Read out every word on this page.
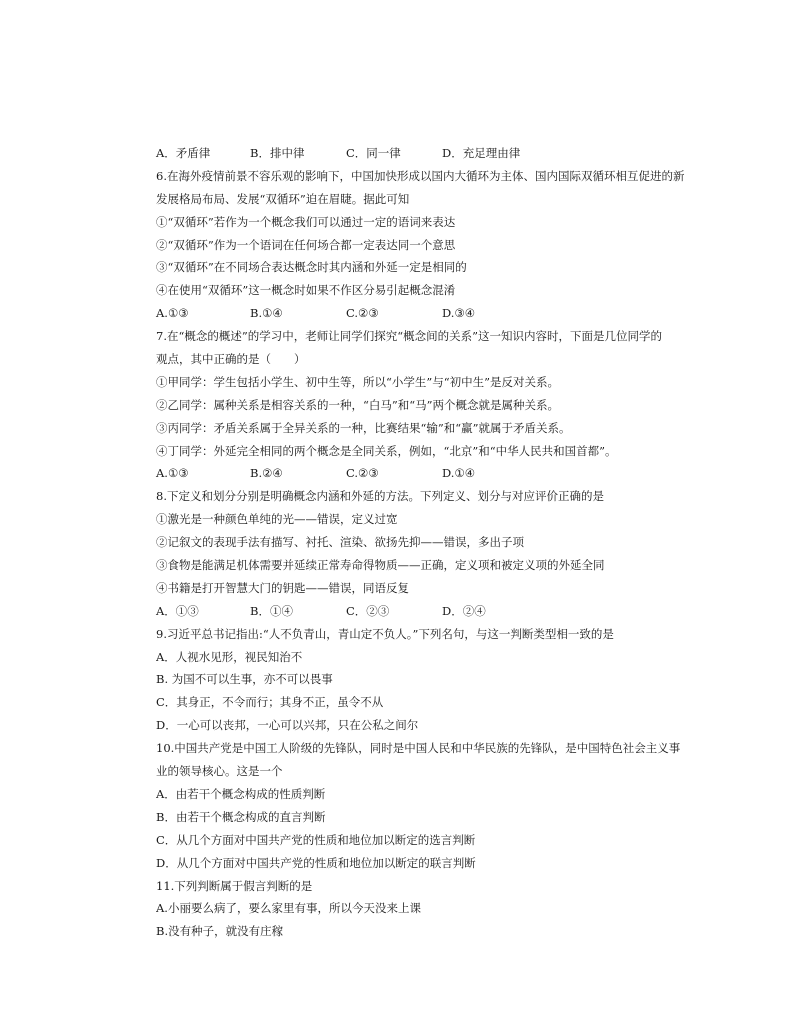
A．矛盾律	B．排中律	C．同一律	D．充足理由律
6.在海外疫情前景不容乐观的影响下，中国加快形成以国内大循环为主体、国内国际双循环相互促进的新
发展格局布局、发展“双循环”迫在眉睫。据此可知
①“双循环”若作为一个概念我们可以通过一定的语词来表达
②“双循环”作为一个语词在任何场合都一定表达同一个意思
③“双循环”在不同场合表达概念时其内涵和外延一定是相同的
④在使用“双循环”这一概念时如果不作区分易引起概念混淆
A.①③	B.①④	C.②③	D.③④
7.在“概念的概述”的学习中，老师让同学们探究“概念间的关系”这一知识内容时，下面是几位同学的
观点，其中正确的是（　　）
①甲同学：学生包括小学生、初中生等，所以“小学生”与“初中生”是反对关系。
②乙同学：属种关系是相容关系的一种，“白马”和“马”两个概念就是属种关系。
③丙同学：矛盾关系属于全异关系的一种，比赛结果“输”和“赢”就属于矛盾关系。
④丁同学：外延完全相同的两个概念是全同关系，例如，“北京”和“中华人民共和国首都”。
A.①③	B.②④	C.②③	D.①④
8.下定义和划分分别是明确概念内涵和外延的方法。下列定义、划分与对应评价正确的是
①激光是一种颜色单纯的光——错误，定义过宽
②记叙文的表现手法有描写、衬托、渲染、欲扬先抑——错误，多出子项
③食物是能满足机体需要并延续正常寿命得物质——正确，定义项和被定义项的外延全同
④书籍是打开智慧大门的钥匙——错误，同语反复
A．①③	B．①④	C．②③	D．②④
9.习近平总书记指出:“人不负青山，青山定不负人。”下列名句，与这一判断类型相一致的是
A．人视水见形，视民知治不
B. 为国不可以生事，亦不可以畏事
C．其身正，不令而行；其身不正，虽令不从
D．一心可以丧邦，一心可以兴邦，只在公私之间尔
10.中国共产党是中国工人阶级的先锋队，同时是中国人民和中华民族的先锋队，是中国特色社会主义事
业的领导核心。这是一个
A．由若干个概念构成的性质判断
B．由若干个概念构成的直言判断
C．从几个方面对中国共产党的性质和地位加以断定的选言判断
D．从几个方面对中国共产党的性质和地位加以断定的联言判断
11.下列判断属于假言判断的是
A.小丽要么病了，要么家里有事，所以今天没来上课
B.没有种子，就没有庄稼
